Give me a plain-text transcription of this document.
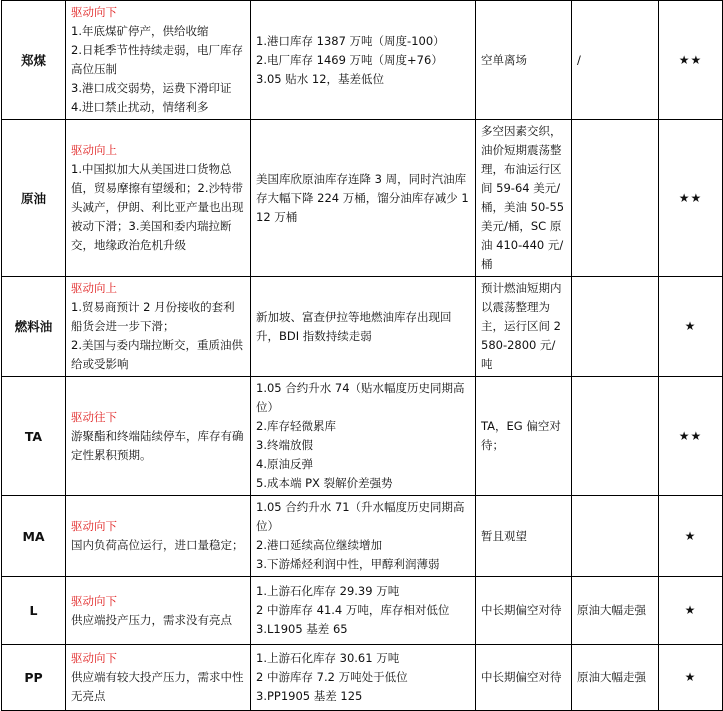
郑煤	驱动向下
1.年底煤矿停产，供给收缩
2.日耗季节性持续走弱，电厂库存高位压制
3.港口成交弱势，运费下滑印证
4.进口禁止扰动，情绪利多	1.港口库存 1387 万吨（周度-100）
2.电厂库存 1469 万吨（周度+76）
3.05 贴水 12，基差低位	空单离场	/	★★
原油	驱动向上
1.中国拟加大从美国进口货物总值，贸易摩擦有望缓和；2.沙特带头减产，伊朗、利比亚产量也出现被动下滑；3.美国和委内瑞拉断交，地缘政治危机升级	美国库欣原油库存连降 3 周，同时汽油库存大幅下降 224 万桶，馏分油库存减少 112 万桶	多空因素交织，油价短期震荡整理，布油运行区间 59-64 美元/桶，美油 50-55 美元/桶，SC 原油 410-440 元/桶		★★
燃料油	驱动向上
1.贸易商预计 2 月份接收的套利船货会进一步下滑；
2.美国与委内瑞拉断交，重质油供给或受影响	新加坡、富查伊拉等地燃油库存出现回升，BDI 指数持续走弱	预计燃油短期内以震荡整理为主，运行区间 2580-2800 元/吨		★
TA	驱动往下
游聚酯和终端陆续停车，库存有确定性累积预期。	1.05 合约升水 74（贴水幅度历史同期高位）
2.库存轻微累库
3.终端放假
4.原油反弹
5.成本端 PX 裂解价差强势	TA，EG 偏空对待；		★★
MA	驱动向下
国内负荷高位运行，进口量稳定；	1.05 合约升水 71（升水幅度历史同期高位）
2.港口延续高位继续增加
3.下游烯烃利润中性，甲醇利润薄弱	暂且观望		★
L	驱动向下
供应端投产压力，需求没有亮点	1.上游石化库存 29.39 万吨
2 中游库存 41.4 万吨，库存相对低位
3.L1905 基差 65	中长期偏空对待	原油大幅走强	★
PP	驱动向下
供应端有较大投产压力，需求中性无亮点	1.上游石化库存 30.61 万吨
2 中游库存 7.2 万吨处于低位
3.PP1905 基差 125	中长期偏空对待	原油大幅走强	★
